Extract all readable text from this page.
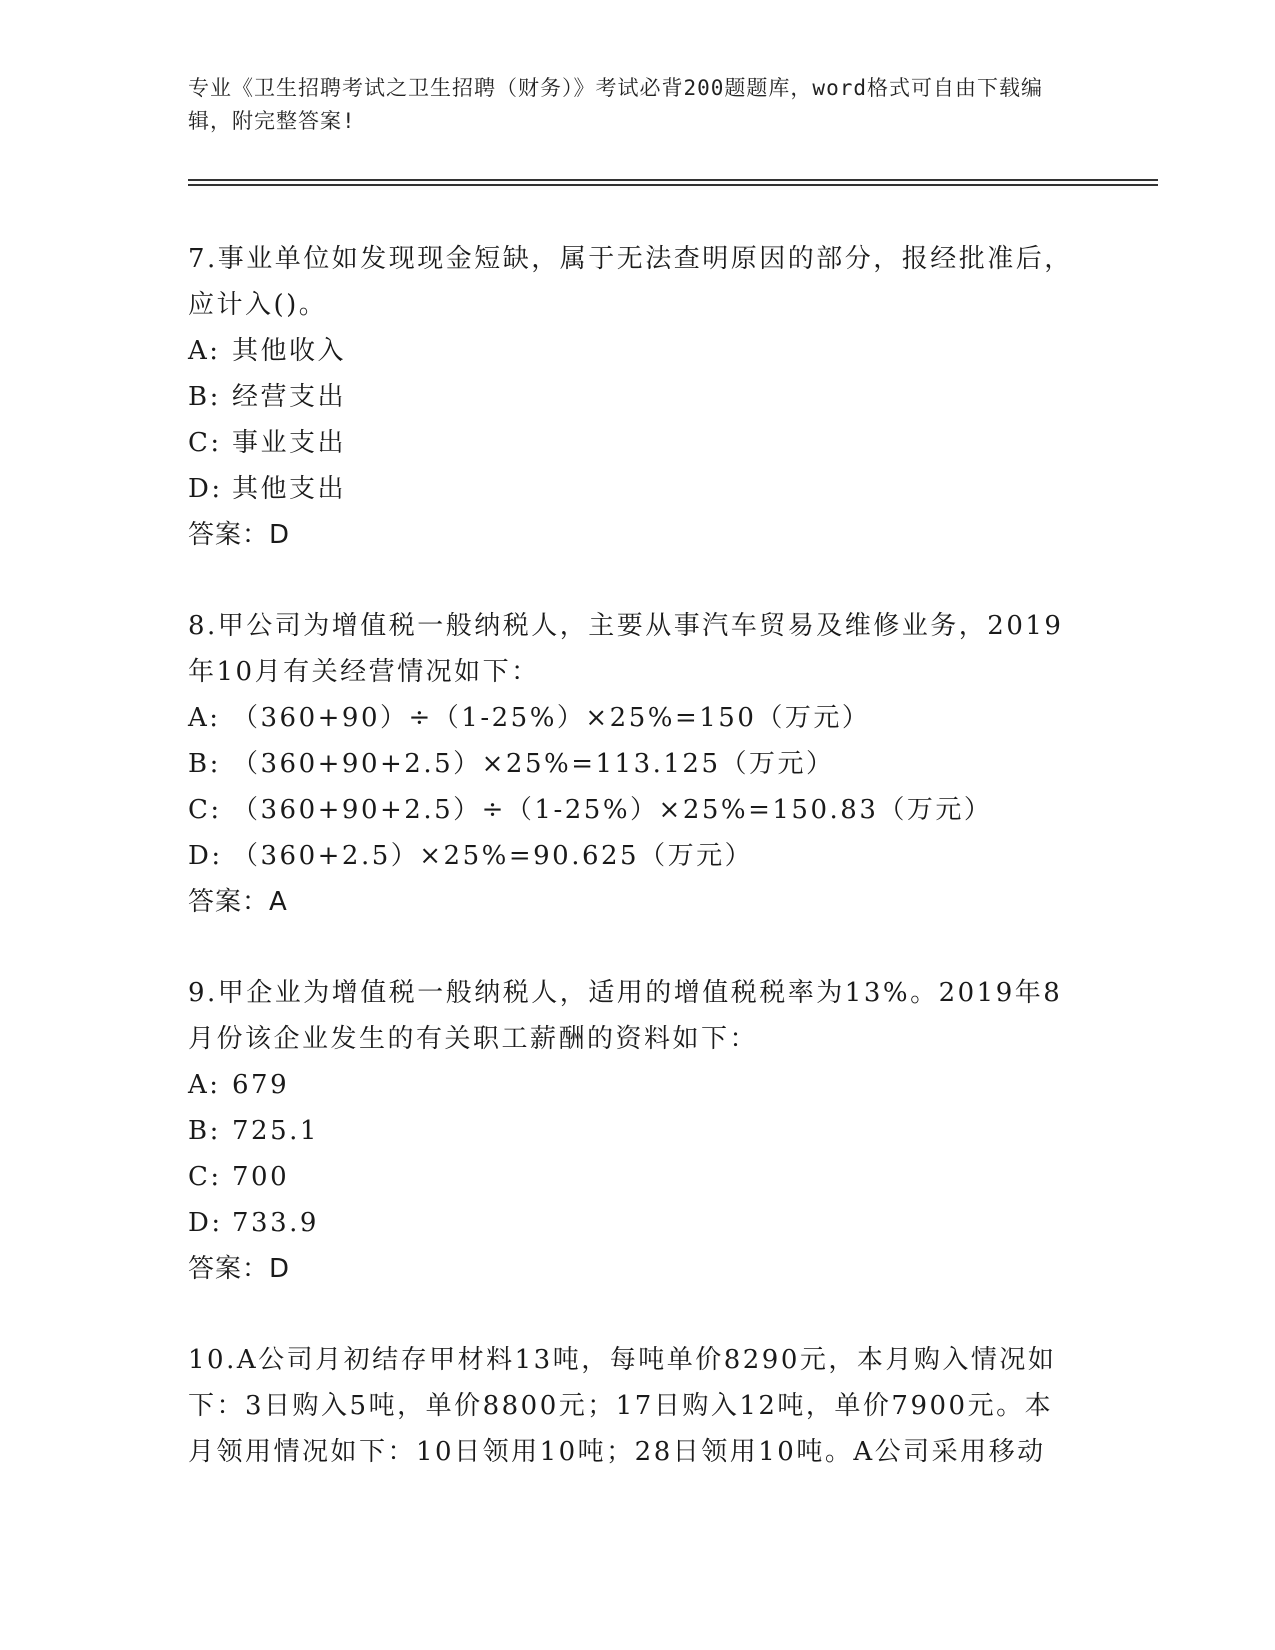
专业《卫生招聘考试之卫生招聘（财务）》考试必背200题题库，word格式可自由下载编辑，附完整答案!

7.事业单位如发现现金短缺，属于无法查明原因的部分，报经批准后，应计入()。

A: 其他收入

B: 经营支出

C: 事业支出

D: 其他支出

答案：D

8.甲公司为增值税一般纳税人，主要从事汽车贸易及维修业务，2019年10月有关经营情况如下：

A: （360+90）÷（1-25%）×25%=150（万元）

B: （360+90+2.5）×25%=113.125（万元）

C: （360+90+2.5）÷（1-25%）×25%=150.83（万元）

D: （360+2.5）×25%=90.625（万元）

答案：A

9.甲企业为增值税一般纳税人，适用的增值税税率为13%。2019年8月份该企业发生的有关职工薪酬的资料如下：

A: 679

B: 725.1

C: 700

D: 733.9

答案：D

10.A公司月初结存甲材料13吨，每吨单价8290元，本月购入情况如下：3日购入5吨，单价8800元；17日购入12吨，单价7900元。本月领用情况如下：10日领用10吨；28日领用10吨。A公司采用移动
